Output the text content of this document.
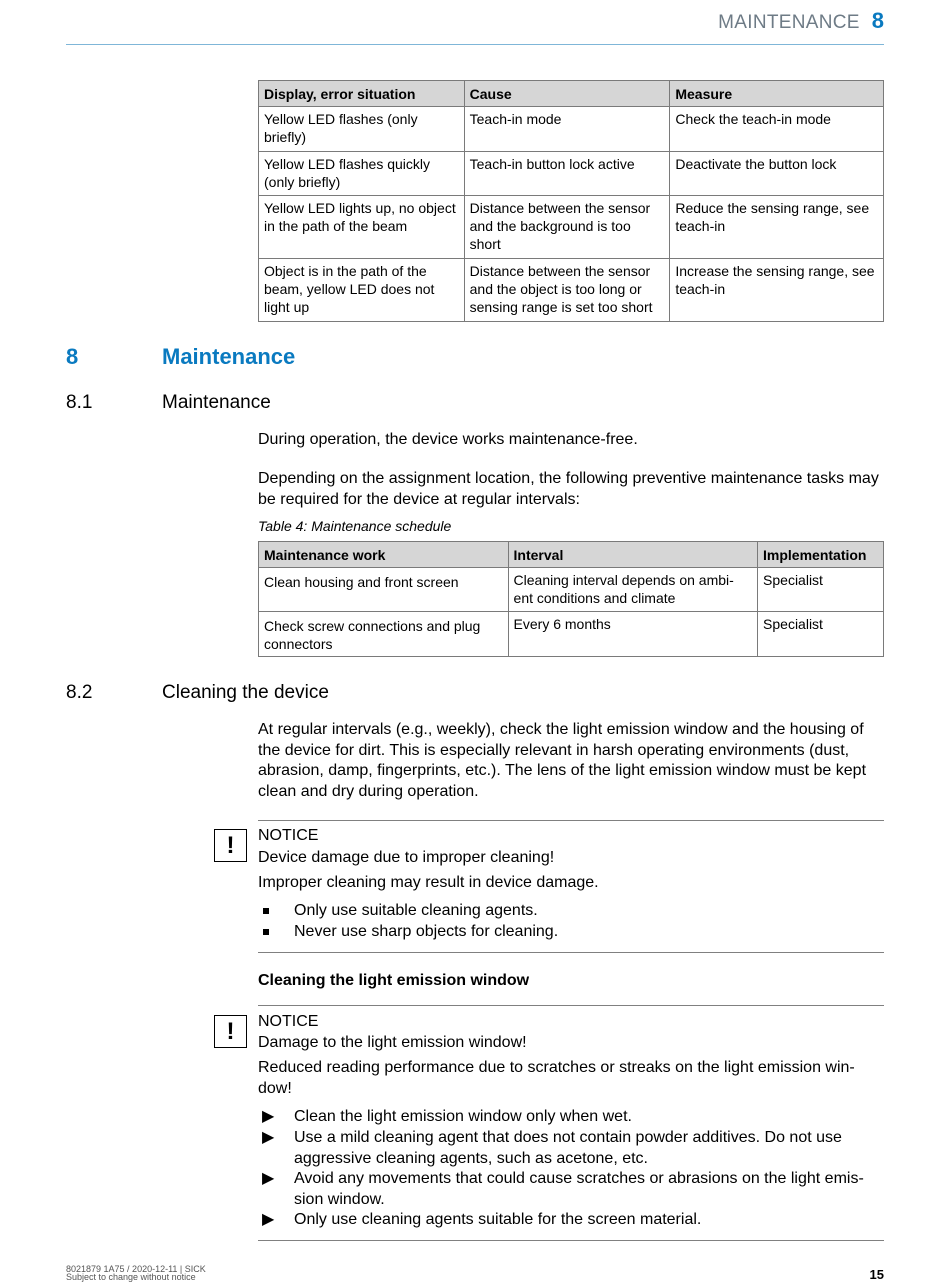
MAINTENANCE 8
Display, error situation	Cause	Measure
Yellow LED flashes (only briefly)	Teach-in mode	Check the teach-in mode
Yellow LED flashes quickly (only briefly)	Teach-in button lock active	Deactivate the button lock
Yellow LED lights up, no object in the path of the beam	Distance between the sensor and the background is too short	Reduce the sensing range, see teach-in
Object is in the path of the beam, yellow LED does not light up	Distance between the sensor and the object is too long or sensing range is set too short	Increase the sensing range, see teach-in
8	Maintenance
8.1	Maintenance
During operation, the device works maintenance-free.
Depending on the assignment location, the following preventive maintenance tasks may be required for the device at regular intervals:
Table 4: Maintenance schedule
Maintenance work	Interval	Implementation
Clean housing and front screen	Cleaning interval depends on ambi-ent conditions and climate	Specialist
Check screw connections and plug connectors	Every 6 months	Specialist
8.2	Cleaning the device
At regular intervals (e.g., weekly), check the light emission window and the housing of the device for dirt. This is especially relevant in harsh operating environments (dust, abrasion, damp, fingerprints, etc.). The lens of the light emission window must be kept clean and dry during operation.
!	NOTICE
Device damage due to improper cleaning!
Improper cleaning may result in device damage.
Only use suitable cleaning agents.
Never use sharp objects for cleaning.
Cleaning the light emission window
!	NOTICE
Damage to the light emission window!
Reduced reading performance due to scratches or streaks on the light emission win-dow!
▶ Clean the light emission window only when wet.
▶ Use a mild cleaning agent that does not contain powder additives. Do not use aggressive cleaning agents, such as acetone, etc.
▶ Avoid any movements that could cause scratches or abrasions on the light emis-sion window.
▶ Only use cleaning agents suitable for the screen material.
8021879 1A75 / 2020-12-11 | SICK
Subject to change without notice	15
